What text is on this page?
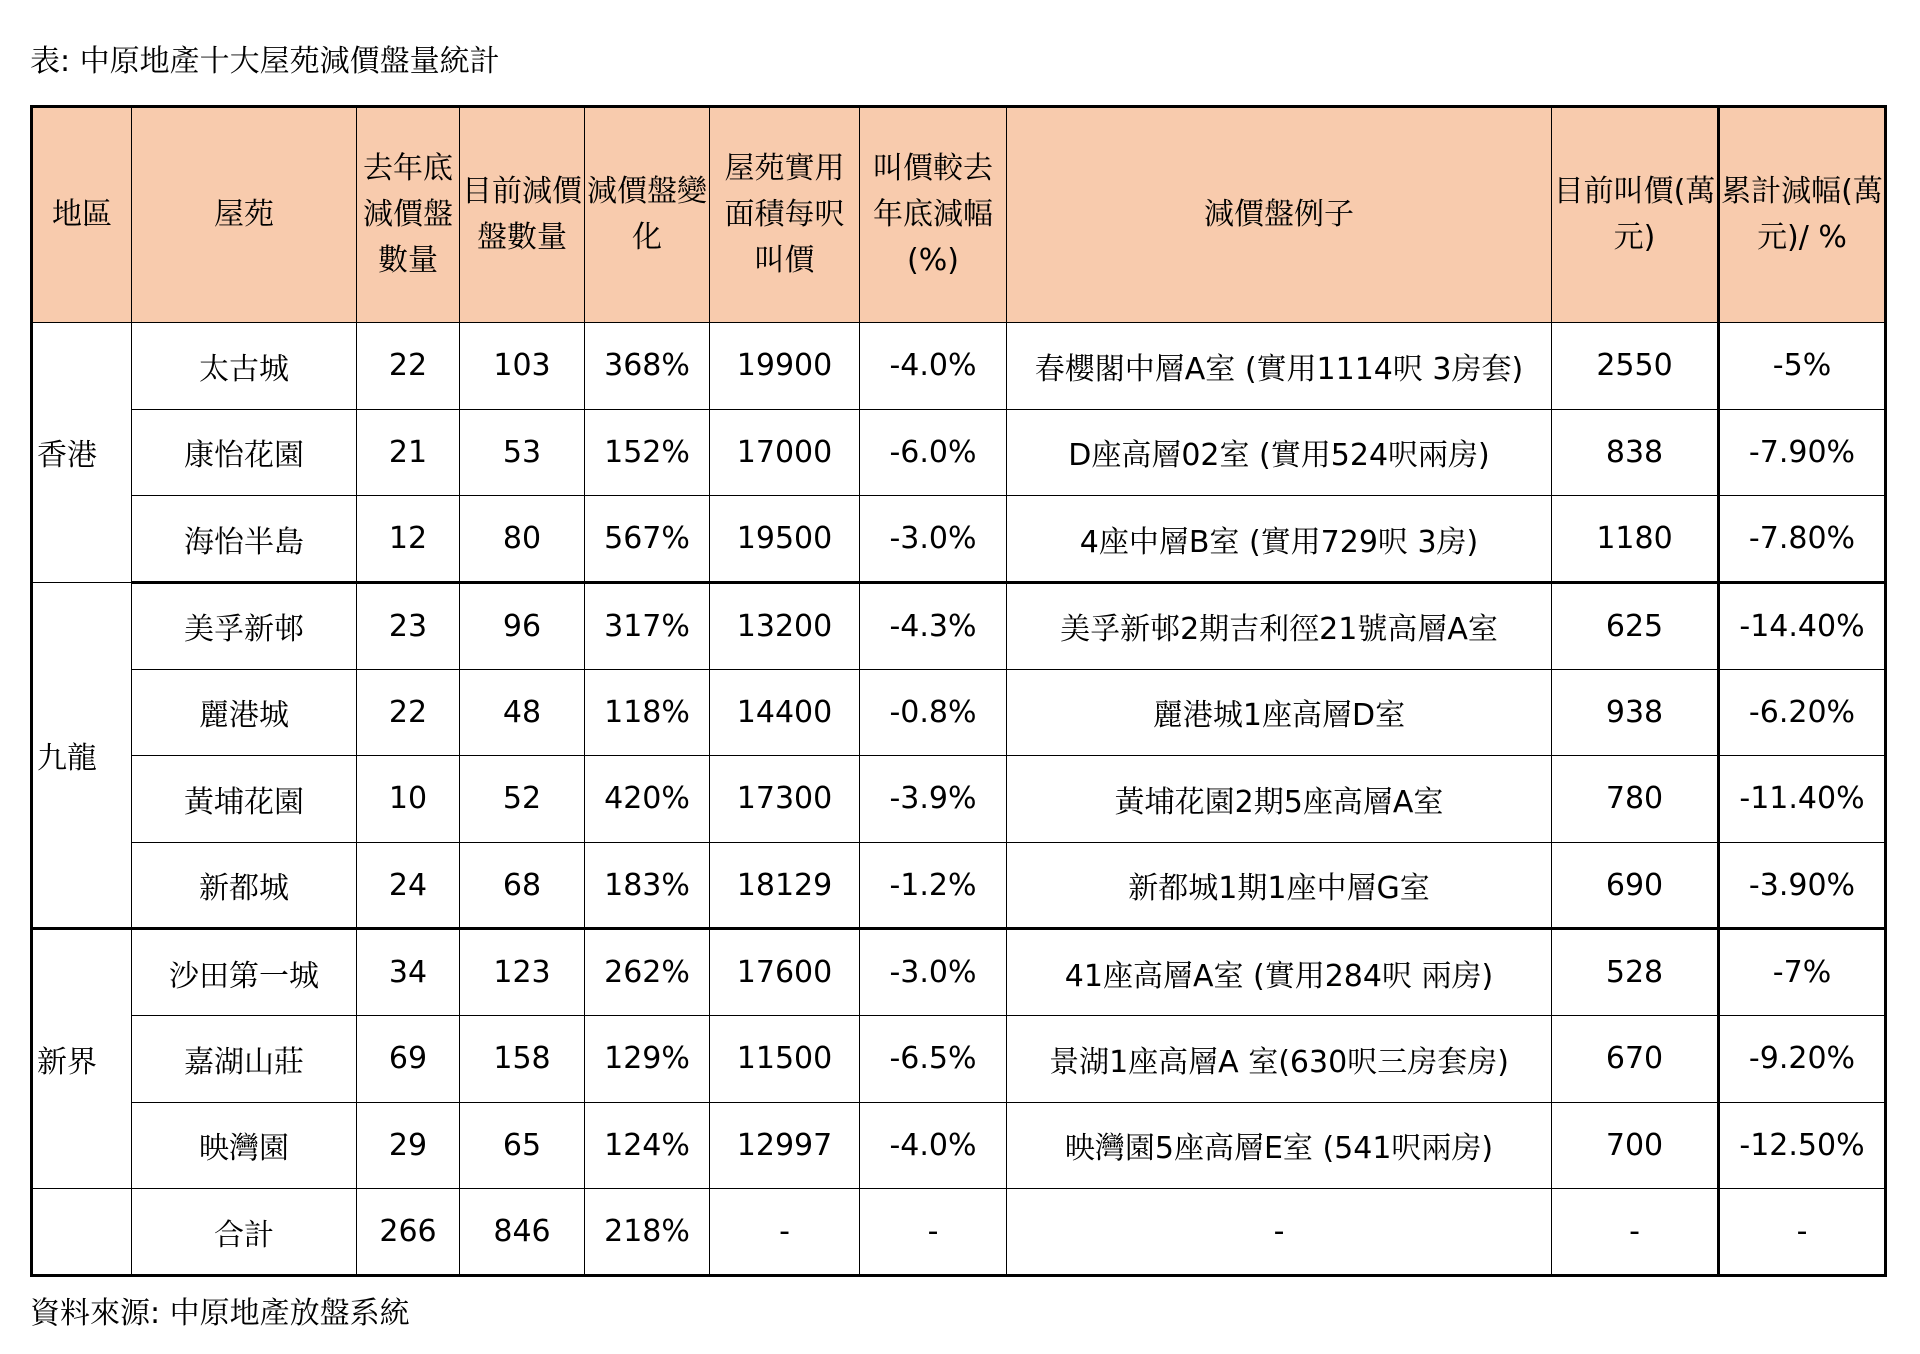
表: 中原地產十大屋苑減價盤量統計
地區	屋苑	去年底減價盤數量	目前減價盤數量	減價盤變化	屋苑實用面積每呎叫價	叫價較去年底減幅(%)	減價盤例子	目前叫價(萬元)	累計減幅(萬元)/ %
香港	太古城	22	103	368%	19900	-4.0%	春櫻閣中層A室 (實用1114呎 3房套)	2550	-5%
	康怡花園	21	53	152%	17000	-6.0%	D座高層02室 (實用524呎兩房)	838	-7.90%
	海怡半島	12	80	567%	19500	-3.0%	4座中層B室 (實用729呎 3房)	1180	-7.80%
九龍	美孚新邨	23	96	317%	13200	-4.3%	美孚新邨2期吉利徑21號高層A室	625	-14.40%
	麗港城	22	48	118%	14400	-0.8%	麗港城1座高層D室	938	-6.20%
	黃埔花園	10	52	420%	17300	-3.9%	黃埔花園2期5座高層A室	780	-11.40%
	新都城	24	68	183%	18129	-1.2%	新都城1期1座中層G室	690	-3.90%
新界	沙田第一城	34	123	262%	17600	-3.0%	41座高層A室 (實用284呎 兩房)	528	-7%
	嘉湖山莊	69	158	129%	11500	-6.5%	景湖1座高層A 室(630呎三房套房)	670	-9.20%
	映灣園	29	65	124%	12997	-4.0%	映灣園5座高層E室 (541呎兩房)	700	-12.50%
	合計	266	846	218%	-	-	-	-	-
資料來源: 中原地產放盤系統
